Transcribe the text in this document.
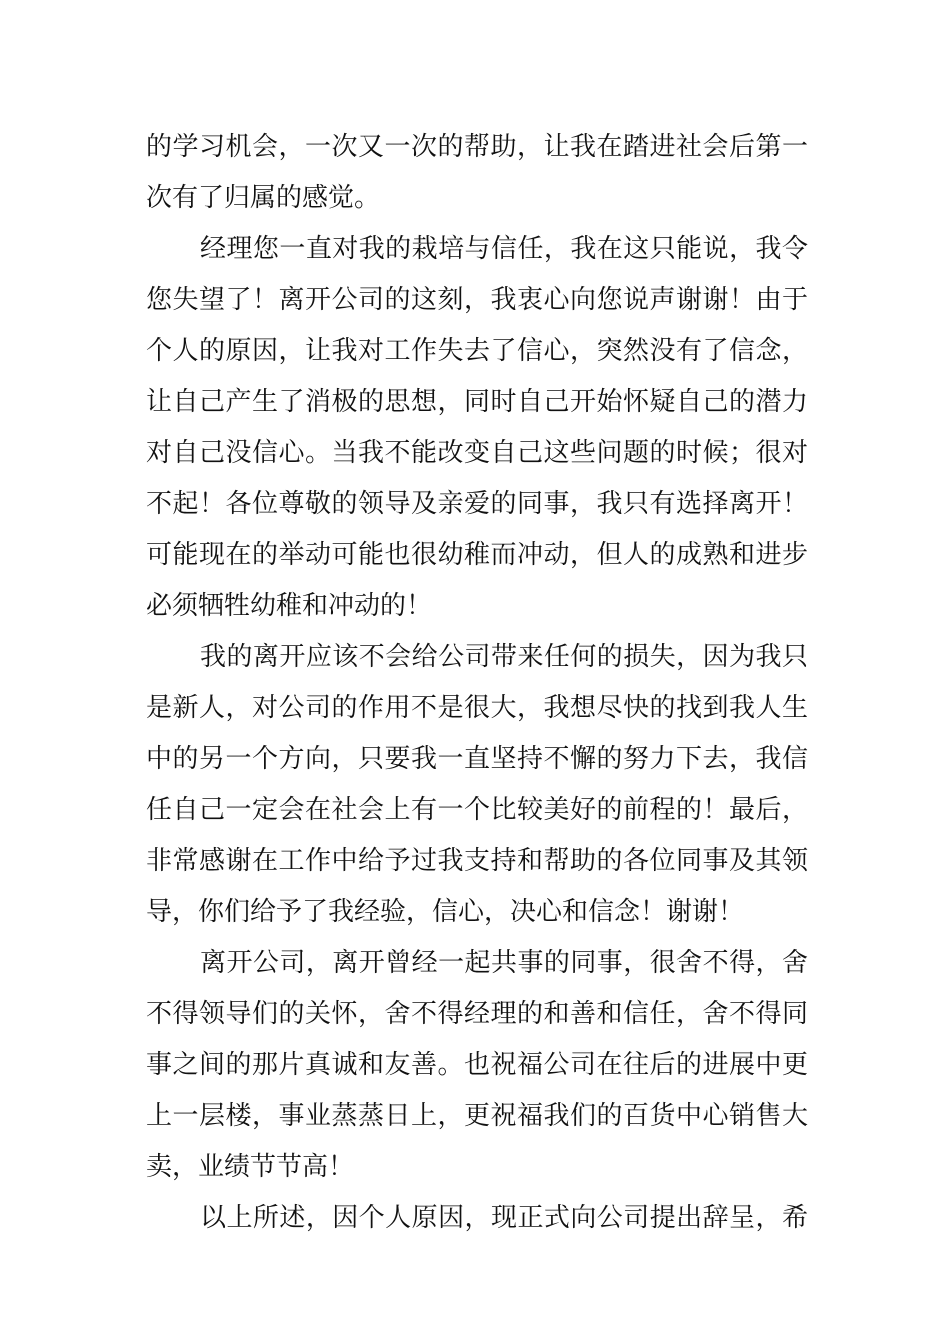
的学习机会，一次又一次的帮助，让我在踏进社会后第一
次有了归属的感觉。
经理您一直对我的栽培与信任，我在这只能说，我令
您失望了！离开公司的这刻，我衷心向您说声谢谢！由于
个人的原因，让我对工作失去了信心，突然没有了信念，
让自己产生了消极的思想，同时自己开始怀疑自己的潜力
对自己没信心。当我不能改变自己这些问题的时候；很对
不起！各位尊敬的领导及亲爱的同事，我只有选择离开！
可能现在的举动可能也很幼稚而冲动，但人的成熟和进步
必须牺牲幼稚和冲动的！
我的离开应该不会给公司带来任何的损失，因为我只
是新人，对公司的作用不是很大，我想尽快的找到我人生
中的另一个方向，只要我一直坚持不懈的努力下去，我信
任自己一定会在社会上有一个比较美好的前程的！最后，
非常感谢在工作中给予过我支持和帮助的各位同事及其领
导，你们给予了我经验，信心，决心和信念！谢谢！
离开公司，离开曾经一起共事的同事，很舍不得，舍
不得领导们的关怀，舍不得经理的和善和信任，舍不得同
事之间的那片真诚和友善。也祝福公司在往后的进展中更
上一层楼，事业蒸蒸日上，更祝福我们的百货中心销售大
卖，业绩节节高！
以上所述，因个人原因，现正式向公司提出辞呈，希
